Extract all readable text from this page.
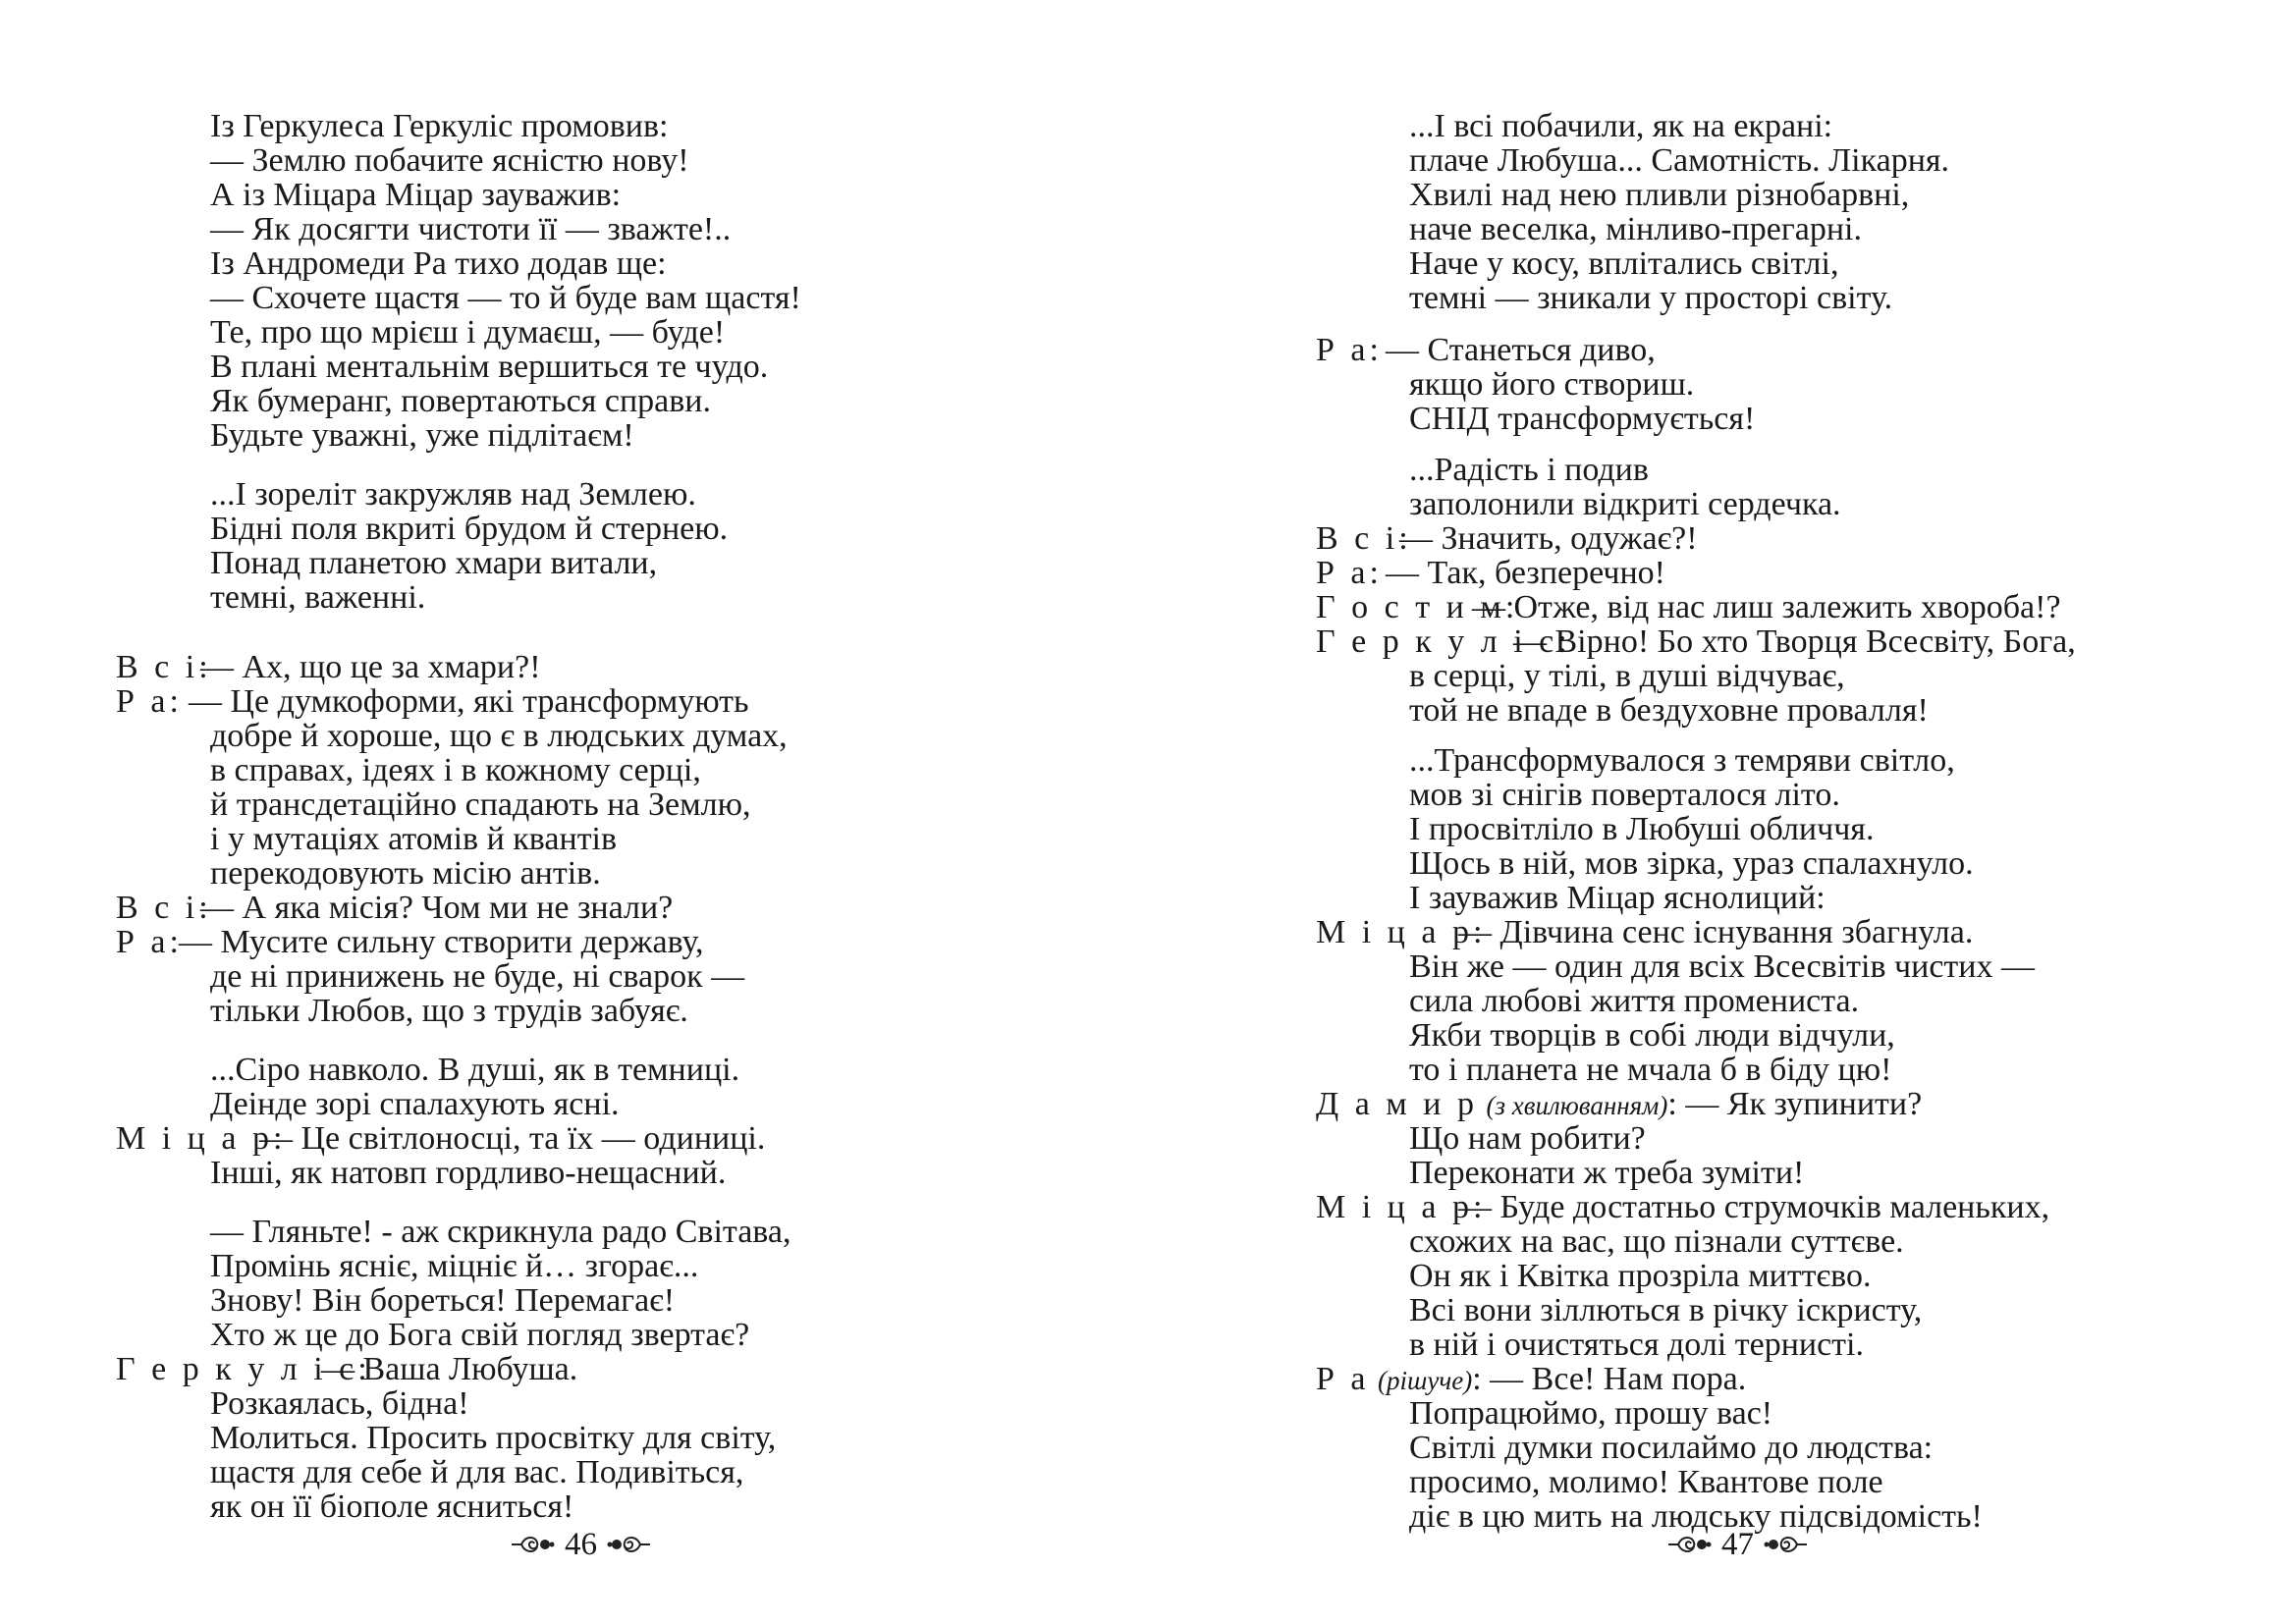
Із Геркулеса Геркуліс промовив:
— Землю побачите ясністю нову!
А із Міцара Міцар зауважив:
— Як досягти чистоти її — зважте!..
Із Андромеди Ра тихо додав ще:
— Схочете щастя — то й буде вам щастя!
Те, про що мрієш і думаєш, — буде!
В плані ментальнім вершиться те чудо.
Як бумеранг, повертаються справи.
Будьте уважні, уже підлітаєм!
...І зореліт закружляв над Землею.
Бідні поля вкриті брудом й стернею.
Понад планетою хмари витали,
темні, важенні.
В с і:
— Ах, що це за хмари?!
Р а: — Це думкоформи, які трансформують
добре й хороше, що є в людських думах,
в справах, ідеях і в кожному серці,
й трансдетаційно спадають на Землю,
і у мутаціях атомів й квантів
перекодовують місію антів.
В с і:
— А яка місія? Чом ми не знали?
Р а:
— Мусите сильну створити державу,
де ні принижень не буде, ні сварок —
тільки Любов, що з трудів забуяє.
...Сіро навколо. В душі, як в темниці.
Деінде зорі спалахують ясні.
М і ц а р:
— Це світлоносці, та їх — одиниці.
Інші, як натовп гордливо-нещасний.
— Гляньте! - аж скрикнула радо Світава,
Промінь ясніє, міцніє й… згорає...
Знову! Він бореться! Перемагає!
Хто ж це до Бога свій погляд звертає?
Г е р к у л і с:
— Ваша Любуша.
Розкаялась, бідна!
Молиться. Просить просвітку для світу,
щастя для себе й для вас. Подивіться,
як он її біополе ясниться!
46
...І всі побачили, як на екрані:
плаче Любуша... Самотність. Лікарня.
Хвилі над нею пливли різнобарвні,
наче веселка, мінливо-прегарні.
Наче у косу, вплітались світлі,
темні — зникали у просторі світу.
Р а: — Станеться диво,
якщо його створиш.
СНІД трансформується!
...Радість і подив
заполонили відкриті сердечка.
В с і:
— Значить, одужає?!
Р а: — Так, безперечно!
Г о с т и м:
— Отже, від нас лиш залежить хвороба!?
Г е р к у л і с:
— Вірно! Бо хто Творця Всесвіту, Бога,
в серці, у тілі, в душі відчуває,
той не впаде в бездуховне провалля!
...Трансформувалося з темряви світло,
мов зі снігів поверталося літо.
І просвітліло в Любуші обличчя.
Щось в ній, мов зірка, ураз спалахнуло.
І зауважив Міцар яснолиций:
М і ц а р:
— Дівчина сенс існування збагнула.
Він же — один для всіх Всесвітів чистих —
сила любові життя промениста.
Якби творців в собі люди відчули,
то і планета не мчала б в біду цю!
Д а м и р (з хвилюванням): — Як зупинити?
Що нам робити?
Переконати ж треба зуміти!
М і ц а р:
— Буде достатньо струмочків маленьких,
схожих на вас, що пізнали суттєве.
Он як і Квітка прозріла миттєво.
Всі вони зіллються в річку іскристу,
в ній і очистяться долі тернисті.
Р а (рішуче): — Все! Нам пора.
Попрацюймо, прошу вас!
Світлі думки посилаймо до людства:
просимо, молимо! Квантове поле
діє в цю мить на людську підсвідомість!
47
